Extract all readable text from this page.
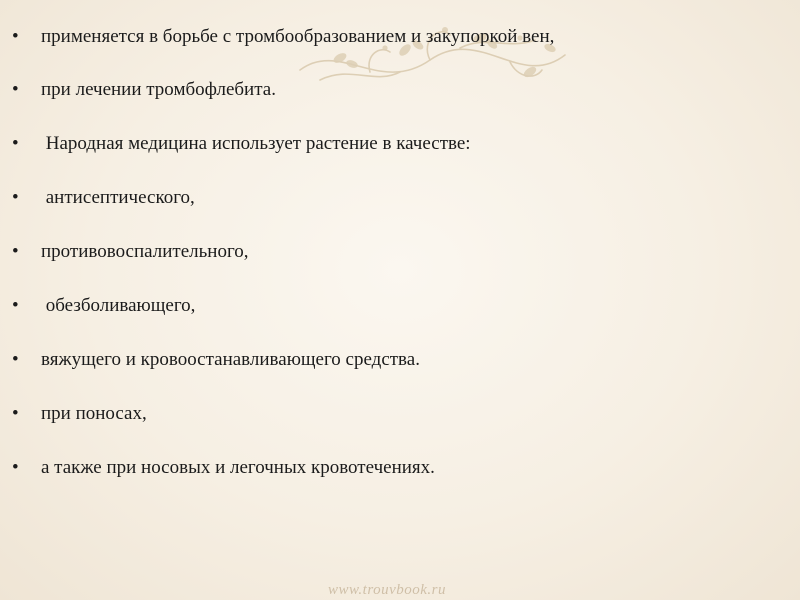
• применяется в борьбе с тромбообразованием и закупоркой вен,
• при лечении тромбофлебита.
• Народная медицина использует растение в качестве:
• антисептического,
• противовоспалительного,
• обезболивающего,
• вяжущего и кровоостанавливающего средства.
• при поносах,
• а также при носовых и легочных кровотечениях.
www.trouvbook.ru
